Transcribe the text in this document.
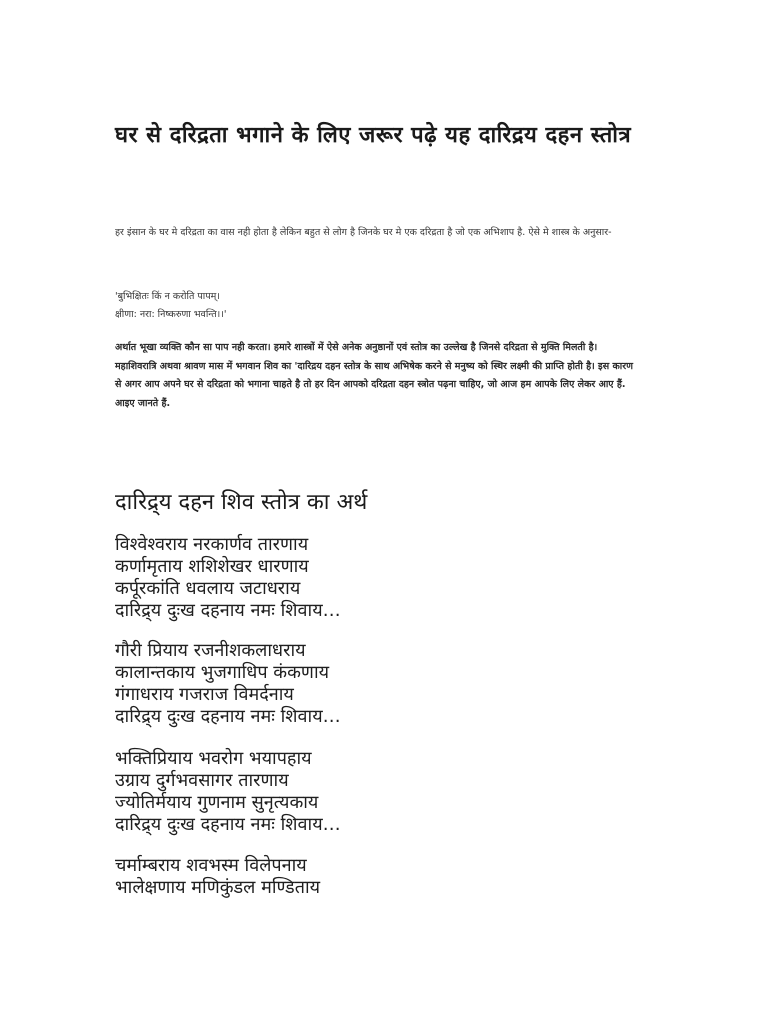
घर से दरिद्रता भगाने के लिए जरूर पढ़े यह दारिद्रय दहन स्तोत्र

हर इंसान के घर मे दरिद्रता का वास नही होता है लेकिन बहुत से लोग है जिनके घर मे एक दरिद्रता है जो एक अभिशाप है. ऐसे मे शास्त्र के अनुसार-

'बुभिक्षितः किं न करोति पापम्।
क्षीणा: नरा: निष्करुणा भवन्ति।।'

अर्थात भूखा व्यक्ति कौन सा पाप नही करता। हमारे शास्त्रों में ऐसे अनेक अनुष्ठानों एवं स्तोत्र का उल्लेख है जिनसे दरिद्रता से मुक्ति मिलती है। महाशिवरात्रि अथवा श्रावण मास में भगवान शिव का 'दारिद्रय दहन स्तोत्र के साथ अभिषेक करने से मनुष्य को स्थिर लक्ष्मी की प्राप्ति होती है। इस कारण से अगर आप अपने घर से दरिद्रता को भगाना चाहते है तो हर दिन आपको दरिद्रता दहन स्त्रोत पढ़ना चाहिए, जो आज हम आपके लिए लेकर आए हैं. आइए जानते हैं.

दारिद्र्य दहन शिव स्तोत्र का अर्थ
विश्वेश्वराय नरकार्णव तारणाय
कर्णामृताय शशिशेखर धारणाय
कर्पूरकांति धवलाय जटाधराय
दारिद्र्य दुःख दहनाय नमः शिवाय…
गौरी प्रियाय रजनीशकलाधराय
कालान्तकाय भुजगाधिप कंकणाय
गंगाधराय गजराज विमर्दनाय
दारिद्र्य दुःख दहनाय नमः शिवाय…
भक्तिप्रियाय भवरोग भयापहाय
उग्राय दुर्गभवसागर तारणाय
ज्योतिर्मयाय गुणनाम सुनृत्यकाय
दारिद्र्य दुःख दहनाय नमः शिवाय…
चर्माम्बराय शवभस्म विलेपनाय
भालेक्षणाय मणिकुंडल मण्डिताय
